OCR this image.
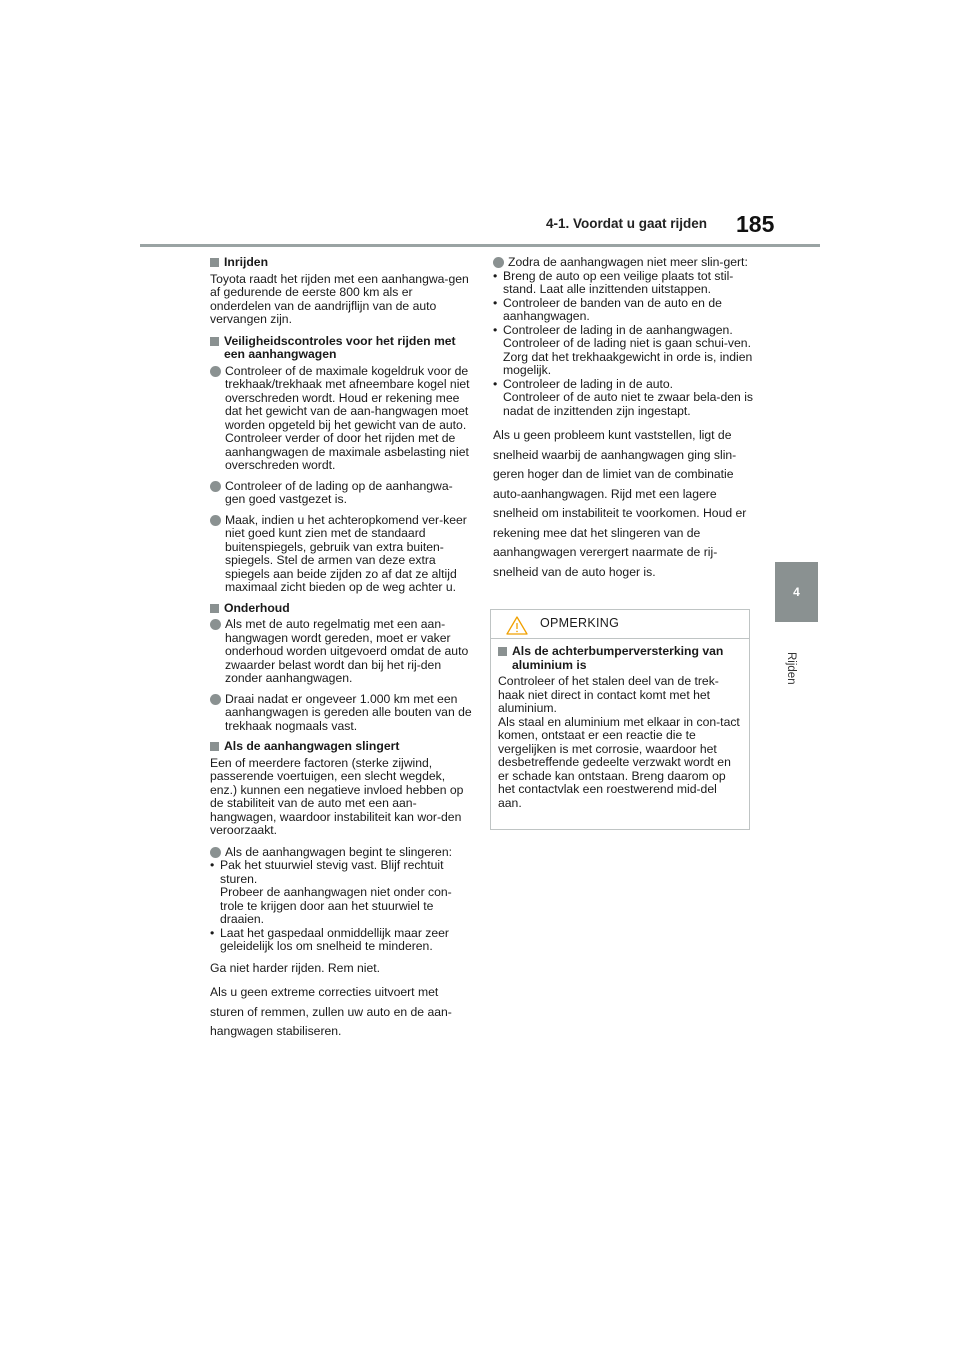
4-1. Voordat u gaat rijden 185
4
Rijden
Inrijden

Toyota raadt het rijden met een aanhangwa-gen af gedurende de eerste 800 km als er onderdelen van de aandrijflijn van de auto vervangen zijn.

Veiligheidscontroles voor het rijden met een aanhangwagen
Controleer of de maximale kogeldruk voor de trekhaak/trekhaak met afneembare kogel niet overschreden wordt. Houd er rekening mee dat het gewicht van de aan-hangwagen moet worden opgeteld bij het gewicht van de auto. Controleer verder of door het rijden met de aanhangwagen de maximale asbelasting niet overschreden wordt.
Controleer of de lading op de aanhangwa-gen goed vastgezet is.
Maak, indien u het achteropkomend ver-keer niet goed kunt zien met de standaard buitenspiegels, gebruik van extra buiten-spiegels. Stel de armen van deze extra spiegels aan beide zijden zo af dat ze altijd maximaal zicht bieden op de weg achter u.
Onderhoud
Als met de auto regelmatig met een aan-hangwagen wordt gereden, moet er vaker onderhoud worden uitgevoerd omdat de auto zwaarder belast wordt dan bij het rij-den zonder aanhangwagen.
Draai nadat er ongeveer 1.000 km met een aanhangwagen is gereden alle bouten van de trekhaak nogmaals vast.
Als de aanhangwagen slingert

Een of meerdere factoren (sterke zijwind, passerende voertuigen, een slecht wegdek, enz.) kunnen een negatieve invloed hebben op de stabiliteit van de auto met een aan-hangwagen, waardoor instabiliteit kan wor-den veroorzaakt.

Als de aanhangwagen begint te slingeren:
• Pak het stuurwiel stevig vast. Blijf rechtuit sturen.
Probeer de aanhangwagen niet onder con-trole te krijgen door aan het stuurwiel te draaien.
• Laat het gaspedaal onmiddellijk maar zeer geleidelijk los om snelheid te minderen.

Ga niet harder rijden. Rem niet.

Als u geen extreme correcties uitvoert met sturen of remmen, zullen uw auto en de aan-hangwagen stabiliseren.

Zodra de aanhangwagen niet meer slin-gert:
• Breng de auto op een veilige plaats tot stil-stand. Laat alle inzittenden uitstappen.
• Controleer de banden van de auto en de aanhangwagen.
• Controleer de lading in de aanhangwagen.
Controleer of de lading niet is gaan schui-ven. Zorg dat het trekhaakgewicht in orde is, indien mogelijk.
• Controleer de lading in de auto.
Controleer of de auto niet te zwaar bela-den is nadat de inzittenden zijn ingestapt.

Als u geen probleem kunt vaststellen, ligt de snelheid waarbij de aanhangwagen ging slin-geren hoger dan de limiet van de combinatie auto-aanhangwagen. Rijd met een lagere snelheid om instabiliteit te voorkomen. Houd er rekening mee dat het slingeren van de aanhangwagen verergert naarmate de rij-snelheid van de auto hoger is.

OPMERKING
Als de achterbumperversterking van aluminium is
Controleer of het stalen deel van de trek-haak niet direct in contact komt met het aluminium.
Als staal en aluminium met elkaar in con-tact komen, ontstaat er een reactie die te vergelijken is met corrosie, waardoor het desbetreffende gedeelte verzwakt wordt en er schade kan ontstaan. Breng daarom op het contactvlak een roestwerend mid-del aan.
